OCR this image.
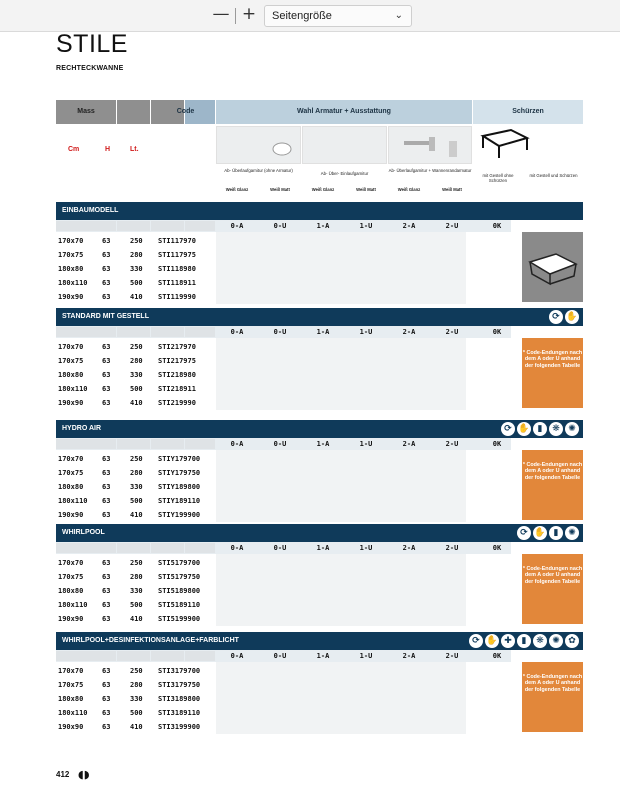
— +	Seitengröße	⌄
STILE
RECHTECKWANNE
Mass	Code	Wahl Armatur + Ausstattung	Schürzen
Cm	H	Lt.
Ab- Überlaufgarnitur (ohne Armatur)
Ab- Über- Einlaufgarnitur
Ab- Überlaufgarnitur + Wannenrandarmatur
mit Gestell ohne Schürzen
mit Gestell und Schürzen
Weiß Glanz	Weiß Matt	Weiß Glanz	Weiß Matt	Weiß Glanz	Weiß Matt
EINBAUMODELL
0-A	0-U	1-A	1-U	2-A	2-U	0K
170x70	63	250 STI117970
170x75	63	280 STI117975
180x80	63	330 STI118980
180x110 63	500 STI118911
190x90	63	410 STI119990
STANDARD MIT GESTELL	⟳ ✋
0-A	0-U	1-A	1-U	2-A	2-U	0K
170x70	63	250 STI217970
170x75	63	280 STI217975
180x80	63	330 STI218980
180x110 63	500 STI218911
190x90	63	410 STI219990
* Code-Endungen nach dem A oder U anhand der folgenden Tabelle
HYDRO AIR	⟳ ✋ ▮	❋ ✺
0-A	0-U	1-A	1-U	2-A	2-U	0K
170x70	63	250 STIY179700
170x75	63	280 STIY179750
180x80	63	330 STIY189800
180x110 63	500 STIY189110
190x90	63	410 STIY199900
* Code-Endungen nach dem A oder U anhand der folgenden Tabelle
WHIRLPOOL	⟳ ✋ ▮	✺
0-A	0-U	1-A	1-U	2-A	2-U	0K
170x70	63	250 STI5179700
170x75	63	280 STI5179750
180x80	63	330 STI5189800
180x110 63	500 STI5189110
190x90	63	410 STI5199900
* Code-Endungen nach dem A oder U anhand der folgenden Tabelle
WHIRLPOOL+DESINFEKTIONSANLAGE+FARBLICHT	⟳ ✋ ✚	▮	❋ ✺ ✿
0-A	0-U	1-A	1-U	2-A	2-U	0K
170x70	63	250 STI3179700
170x75	63	280 STI3179750
180x80	63	330 STI3189800
180x110 63	500 STI3189110
190x90	63	410 STI3199900
* Code-Endungen nach dem A oder U anhand der folgenden Tabelle
412 ◖◗
